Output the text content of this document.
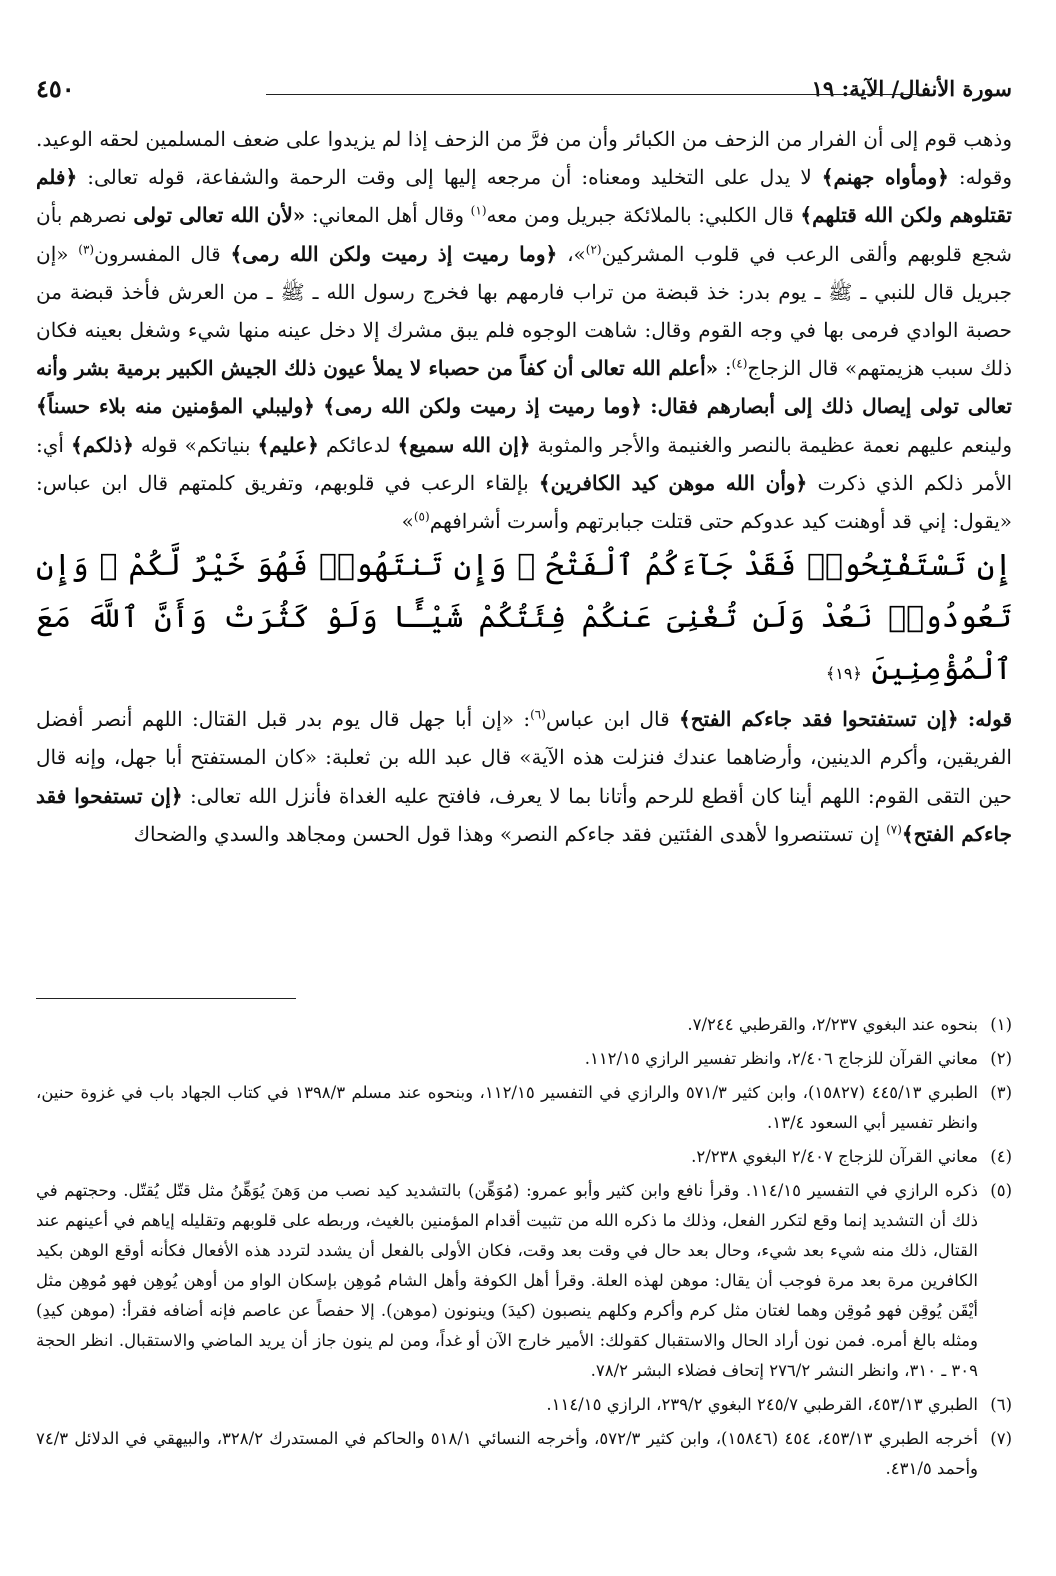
سورة الأنفال/ الآية: ١٩
٤٥٠

وذهب قوم إلى أن الفرار من الزحف من الكبائر وأن من فرَّ من الزحف إذا لم يزيدوا على ضعف المسلمين لحقه الوعيد. وقوله: ﴿ومأواه جهنم﴾ لا يدل على التخليد ومعناه: أن مرجعه إليها إلى وقت الرحمة والشفاعة، قوله تعالى: ﴿فلم تقتلوهم ولكن الله قتلهم﴾ قال الكلبي: بالملائكة جبريل ومن معه$^{(١)}$ وقال أهل المعاني: «لأن الله تعالى تولى نصرهم بأن شجع قلوبهم وألقى الرعب في قلوب المشركين$^{(٢)}$»، ﴿وما رميت إذ رميت ولكن الله رمى﴾ قال المفسرون$^{(٣)}$ «إن جبريل قال للنبي ـ ﷺ ـ يوم بدر: خذ قبضة من تراب فارمهم بها فخرج رسول الله ـ ﷺ ـ من العرش فأخذ قبضة من حصبة الوادي فرمى بها في وجه القوم وقال: شاهت الوجوه فلم يبق مشرك إلا دخل عينه منها شيء وشغل بعينه فكان ذلك سبب هزيمتهم» قال الزجاج$^{(٤)}$: «أعلم الله تعالى أن كفاً من حصباء لا يملأ عيون ذلك الجيش الكبير برمية بشر وأنه تعالى تولى إيصال ذلك إلى أبصارهم فقال: ﴿وما رميت إذ رميت ولكن الله رمى﴾ ﴿وليبلي المؤمنين منه بلاء حسناً﴾ ولينعم عليهم نعمة عظيمة بالنصر والغنيمة والأجر والمثوبة ﴿إن الله سميع﴾ لدعائكم ﴿عليم﴾ بنياتكم» قوله ﴿ذلكم﴾ أي: الأمر ذلكم الذي ذكرت ﴿وأن الله موهن كيد الكافرين﴾ بإلقاء الرعب في قلوبهم، وتفريق كلمتهم قال ابن عباس: «يقول: إني قد أوهنت كيد عدوكم حتى قتلت جبابرتهم وأسرت أشرافهم$^{(٥)}$»

إِن تَسْتَفْتِحُوا۟ فَقَدْ جَآءَكُمُ ٱلْفَتْحُ ۖ وَإِن تَنتَهُوا۟ فَهُوَ خَيْرٌ لَّكُمْ ۖ وَإِن تَعُودُوا۟ نَعُدْ وَلَن تُغْنِىَ عَنكُمْ فِئَتُكُمْ شَيْـًٔا وَلَوْ كَثُرَتْ وَأَنَّ ٱللَّهَ مَعَ ٱلْمُؤْمِنِينَ ﴿١٩﴾

قوله: ﴿إن تستفتحوا فقد جاءكم الفتح﴾ قال ابن عباس$^{(٦)}$: «إن أبا جهل قال يوم بدر قبل القتال: اللهم أنصر أفضل الفريقين، وأكرم الدينين، وأرضاهما عندك فنزلت هذه الآية» قال عبد الله بن ثعلبة: «كان المستفتح أبا جهل، وإنه قال حين التقى القوم: اللهم أينا كان أقطع للرحم وأتانا بما لا يعرف، فافتح عليه الغداة فأنزل الله تعالى: ﴿إن تستفحوا فقد جاءكم الفتح﴾$^{(٧)}$ إن تستنصروا لأهدى الفئتين فقد جاءكم النصر» وهذا قول الحسن ومجاهد والسدي والضحاك

(١)
بنحوه عند البغوي ٢/٢٣٧، والقرطبي ٧/٢٤٤.
(٢)
معاني القرآن للزجاج ٢/٤٠٦، وانظر تفسير الرازي ١١٢/١٥.
(٣)
الطبري ٤٤٥/١٣ (١٥٨٢٧)، وابن كثير ٥٧١/٣ والرازي في التفسير ١١٢/١٥، وبنحوه عند مسلم ١٣٩٨/٣ في كتاب الجهاد باب في غزوة حنين، وانظر تفسير أبي السعود ١٣/٤.
(٤)
معاني القرآن للزجاج ٢/٤٠٧ البغوي ٢/٢٣٨.
(٥)
ذكره الرازي في التفسير ١١٤/١٥. وقرأ نافع وابن كثير وأبو عمرو: (مُوَهِّن) بالتشديد كيد نصب من وَهنَ يُوَهِّنُ مثل قتّل يُقتّل. وحجتهم في ذلك أن التشديد إنما وقع لتكرر الفعل، وذلك ما ذكره الله من تثبيت أقدام المؤمنين بالغيث، وربطه على قلوبهم وتقليله إياهم في أعينهم عند القتال، ذلك منه شيء بعد شيء، وحال بعد حال في وقت بعد وقت، فكان الأولى بالفعل أن يشدد لتردد هذه الأفعال فكأنه أوقع الوهن بكيد الكافرين مرة بعد مرة فوجب أن يقال: موهن لهذه العلة. وقرأ أهل الكوفة وأهل الشام مُوهِن بإسكان الواو من أوهن يُوهِن فهو مُوهِن مثل أيْقَن يُوقِن فهو مُوقِن وهما لغتان مثل كرم وأكرم وكلهم ينصبون (كيدَ) وينونون (موهن). إلا حفصاً عن عاصم فإنه أضافه فقرأ: (موهن كيدِ) ومثله بالغ أمره. فمن نون أراد الحال والاستقبال كقولك: الأمير خارج الآن أو غداً، ومن لم ينون جاز أن يريد الماضي والاستقبال. انظر الحجة ٣٠٩ ـ ٣١٠، وانظر النشر ٢٧٦/٢ إتحاف فضلاء البشر ٧٨/٢.
(٦)
الطبري ٤٥٣/١٣، القرطبي ٢٤٥/٧ البغوي ٢٣٩/٢، الرازي ١١٤/١٥.
(٧)
أخرجه الطبري ٤٥٣/١٣، ٤٥٤ (١٥٨٤٦)، وابن كثير ٥٧٢/٣، وأخرجه النسائي ٥١٨/١ والحاكم في المستدرك ٣٢٨/٢، والبيهقي في الدلائل ٧٤/٣ وأحمد ٤٣١/٥.
